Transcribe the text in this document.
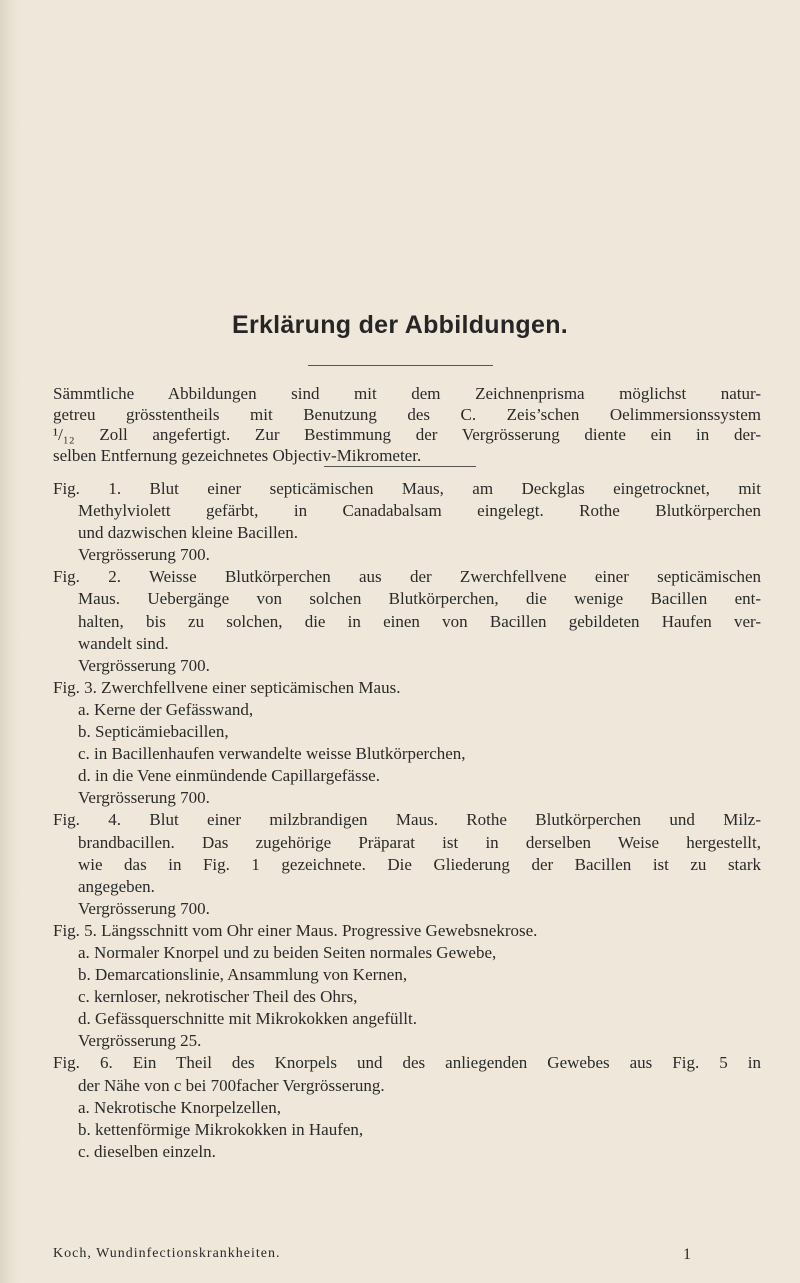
Erklärung der Abbildungen.
Sämmtliche Abbildungen sind mit dem Zeichnenprisma möglichst natur-
getreu grösstentheils mit Benutzung des C. Zeis’schen Oelimmersionssystem
¹/₁₂ Zoll angefertigt. Zur Bestimmung der Vergrösserung diente ein in der-
selben Entfernung gezeichnetes Objectiv-Mikrometer.
Fig. 1. Blut einer septicämischen Maus, am Deckglas eingetrocknet, mit
Methylviolett gefärbt, in Canadabalsam eingelegt. Rothe Blutkörperchen
und dazwischen kleine Bacillen.
Vergrösserung 700.
Fig. 2. Weisse Blutkörperchen aus der Zwerchfellvene einer septicämischen
Maus. Uebergänge von solchen Blutkörperchen, die wenige Bacillen ent-
halten, bis zu solchen, die in einen von Bacillen gebildeten Haufen ver-
wandelt sind.
Vergrösserung 700.
Fig. 3. Zwerchfellvene einer septicämischen Maus.
a. Kerne der Gefässwand,
b. Septicämiebacillen,
c. in Bacillenhaufen verwandelte weisse Blutkörperchen,
d. in die Vene einmündende Capillargefässe.
Vergrösserung 700.
Fig. 4. Blut einer milzbrandigen Maus. Rothe Blutkörperchen und Milz-
brandbacillen. Das zugehörige Präparat ist in derselben Weise hergestellt,
wie das in Fig. 1 gezeichnete. Die Gliederung der Bacillen ist zu stark
angegeben.
Vergrösserung 700.
Fig. 5. Längsschnitt vom Ohr einer Maus. Progressive Gewebsnekrose.
a. Normaler Knorpel und zu beiden Seiten normales Gewebe,
b. Demarcationslinie, Ansammlung von Kernen,
c. kernloser, nekrotischer Theil des Ohrs,
d. Gefässquerschnitte mit Mikrokokken angefüllt.
Vergrösserung 25.
Fig. 6. Ein Theil des Knorpels und des anliegenden Gewebes aus Fig. 5 in
der Nähe von c bei 700facher Vergrösserung.
a. Nekrotische Knorpelzellen,
b. kettenförmige Mikrokokken in Haufen,
c. dieselben einzeln.
Koch, Wundinfectionskrankheiten.	1
